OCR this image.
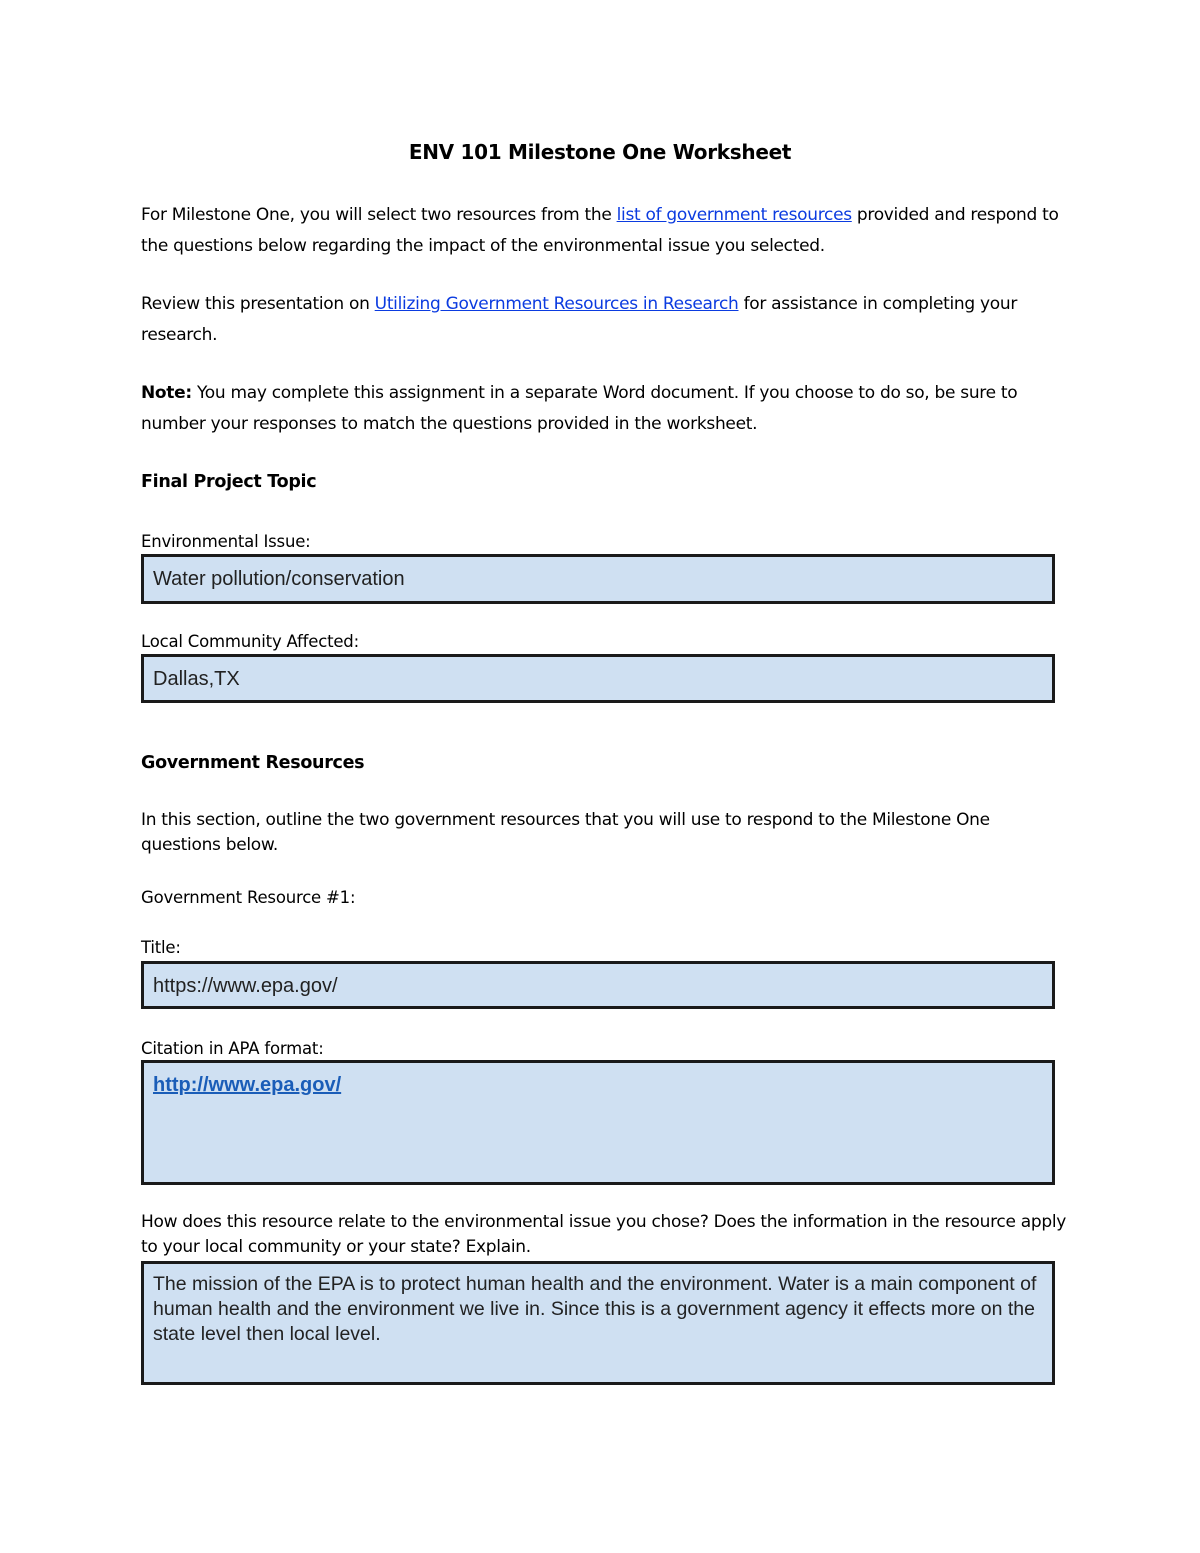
ENV 101 Milestone One Worksheet
For Milestone One, you will select two resources from the list of government resources provided and respond to the questions below regarding the impact of the environmental issue you selected.
Review this presentation on Utilizing Government Resources in Research for assistance in completing your research.
Note: You may complete this assignment in a separate Word document. If you choose to do so, be sure to number your responses to match the questions provided in the worksheet.
Final Project Topic
Environmental Issue:
Water pollution/conservation
Local Community Affected:
Dallas,TX
Government Resources
In this section, outline the two government resources that you will use to respond to the Milestone One questions below.
Government Resource #1:
Title:
https://www.epa.gov/
Citation in APA format:
http://www.epa.gov/
How does this resource relate to the environmental issue you chose? Does the information in the resource apply to your local community or your state? Explain.
The mission of the EPA is to protect human health and the environment. Water is a main component of human health and the environment we live in. Since this is a government agency it effects more on the state level then local level.
